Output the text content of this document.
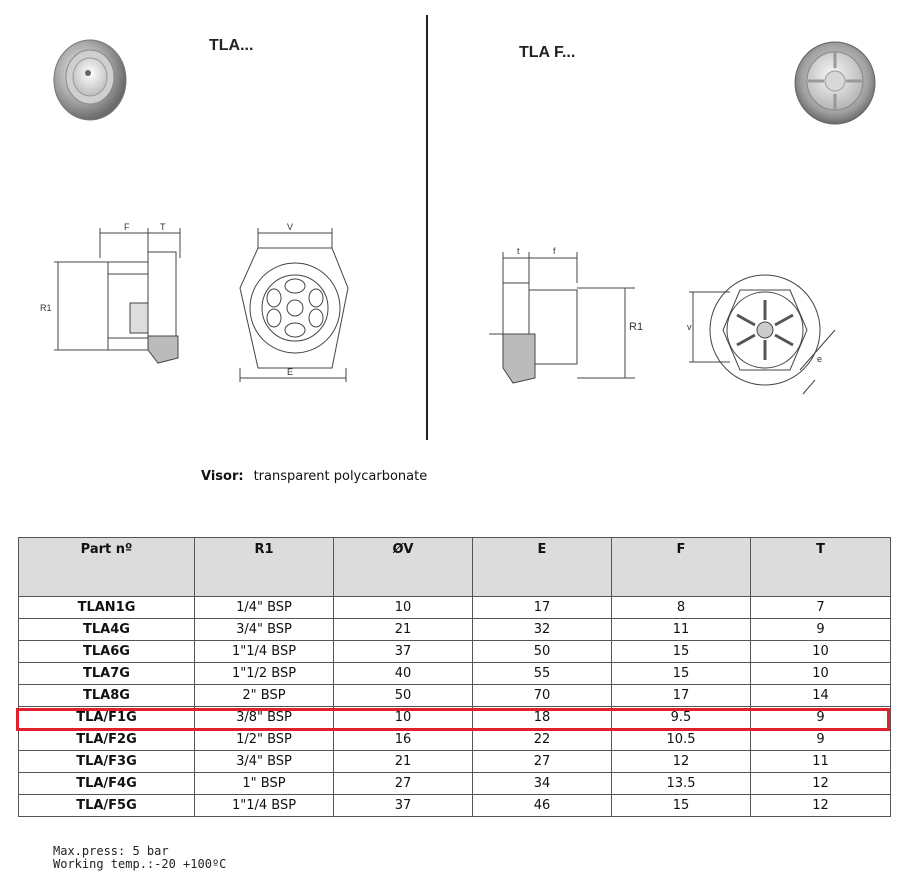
TLA...	TLA F...
F	T
R1
V
E
t	f
R1	v
e
Visor: transparent polycarbonate
Part nº	R1	ØV	E	F	T
TLAN1G	1/4" BSP	10	17	8	7
TLA4G	3/4" BSP	21	32	11	9
TLA6G	1"1/4 BSP	37	50	15	10
TLA7G	1"1/2 BSP	40	55	15	10
TLA8G	2" BSP	50	70	17	14
TLA/F1G	3/8" BSP	10	18	9.5	9
TLA/F2G	1/2" BSP	16	22	10.5	9
TLA/F3G	3/4" BSP	21	27	12	11
TLA/F4G	1" BSP	27	34	13.5	12
TLA/F5G	1"1/4 BSP	37	46	15	12
Max.press: 5 bar
Working temp.:-20 +100ºC
